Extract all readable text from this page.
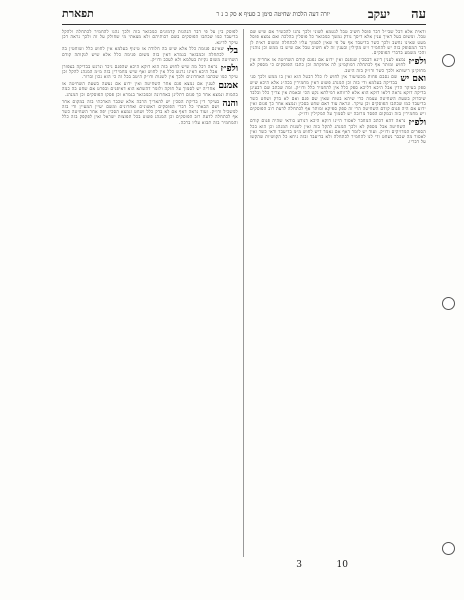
עה
יעקב
יורה דעה הלכות שחיטה סימן כ סעיף א סק כ נ ר
תפארת

ודאית אלא דבל שבי״ל דבר פוסל חשיב טבל לנטמא לשוני ולכך נהגו להכשיר אם שיש שם טבל. ומשום בעל דאיך ענין אלא דיסך נודק נמשך כמבואר כל פוסלין בהלכה ואם נמצא פוסל מעט שאינו נחשב ולכך כשר בדיעבד אף על פי שאין לסמוך עליו לכתחלה ומשום דאית לן דבר המסופק בזה יש להחמיר ויש מקילין ובענין זה לא חשיב טבל אם שיש בו ממש וכן נוהגין והכי משמע בדברי הפוסקים.

ולפ״ז
נמצא לענין דינא דבסכין שנפגם ואין ידוע אם נפגם קודם השחיטה או אחריה אין לחוש ומותר אף לכתחלה דמוקמינן לה אחזקתה וכן כתבו הפוסקים כי מספק לא מחזקינן ריעותא ולכך כשר ודו״ק בזה היטב.

ואם יש
שם נסבם פחות מכשיעור אין לחוש לו כלל דבטל הוא ואין בו ממש ולכך סגי בבדיקה בעלמא ודי בזה וכן המנהג פשוט דאין מחמירין בכה״ג אלא היכא שיש ספק בעיקר הדין אבל היכא דליכא ספק כלל אין להחמיר כלל ודו״ק. ומה שכתב שם דבעינן בדיקה דוקא נראה דלאו דוקא הוא אלא לרווחא דמילתא נקט הכי ובאמת אין צריך כלל ובלבד שיבדוק בשעת השחיטה עצמה כדי שיהא בטוח שאין שם פגם ואם לא בדק ושחט כשר בדיעבד כמו שכתבו הפוסקים וכן עיקר. ונראה עוד דאם שחט בסכין ונמצא אחר כך פגום ואין ידוע אם היה פגום קודם השחיטה הרי זה ספק ספיקא ומותר אף לכתחלה לדעת רוב הפוסקים ויש מחמירין בזה ובמקום הפסד מרובה יש לסמוך על המקילין ודו״ק.

ולפ״ז
נראה דהא דכתב המחבר לאסור היינו דוקא היכא דנודע בודאי שהיה פגום קודם השחיטה אבל מספק לא ולכך המנהג להקל בזה ואין לשנות המנהג וכן הוא בכל הספרים המדויקים ודו״ק. ועוד יש לומר דאף אם נאמר דיש לחוש מ״מ בדיעבד ודאי כשר ואין לאסור מה שכבר נשחט ודי לנו להחמיר לכתחלה ולא בדיעבד ובזה ניחא כל הקושיות שהקשו על דבריו.

לפוסק בין על פי דבר הנהגות קדמונים כמבואר בזה ולכך נהגו להחמיר לכתחלה ולהקל בדיעבד כמו שכתבו הפוסקים בשם רבותיהם ולא מצאתי מי שחולק על זה ולכך נראה דכן עיקר לדינא.

בלי
שאינם פגומה כלל אלא שיש בה חלודה או טינוף בעלמא אין לחוש כלל ושוחטין בה לכתחלה וכמבואר בגמרא דאין בזה משום פגימה כלל אלא שיש לנקותה קודם השחיטה משום נקיות בעלמא ולא לעכב ודו״ק.

ולפ״ז
נראה דכל מה שיש לחוש בזה הוא דוקא היכא שהפגם ניכר ונרגש בבדיקה בצפורן אבל היכא דאינו נרגש כלל אין לחוש ואף שיש מחמירין בזה מ״מ המנהג להקל וכן עיקר כמו שכתבו האחרונים ולכך אין לשנות ודו״ק היטב בכל זה כי הוא נכון וברור.

אמנם
לענין אם נמצא פגם אחר השחיטה ואין ידוע אם נעשה בשעת השחיטה או אחריה יש לסמוך על חזקה ולומר דהשתא הוא דאיפגים ובפרט אם שחט בה כמה בהמות ונמצא אחר כך פגום דתלינן באחרונה וכמבואר בגמרא וכן פסקו הפוסקים וכן המנהג.

והנה
בעיקר דין בדיקת הסכין יש להאריך הרבה אלא שכבר הארכתי בזה במקום אחר ושם הבאתי כל דברי הפוסקים ראשונים ואחרונים ומשם יעיין המעיין ודי בזה למשכיל ודו״ק. ועוד נראה דאף אם לא בדק כלל ושחט ונמצא הסכין יפה אחר השחיטה כשר אף לכתחלה לדעת רוב הפוסקים וכן המנהג פשוט בכל תפוצות ישראל ואין לפקפק בזה כלל והמחמיר בזה תבוא עליו ברכה.

3	10
